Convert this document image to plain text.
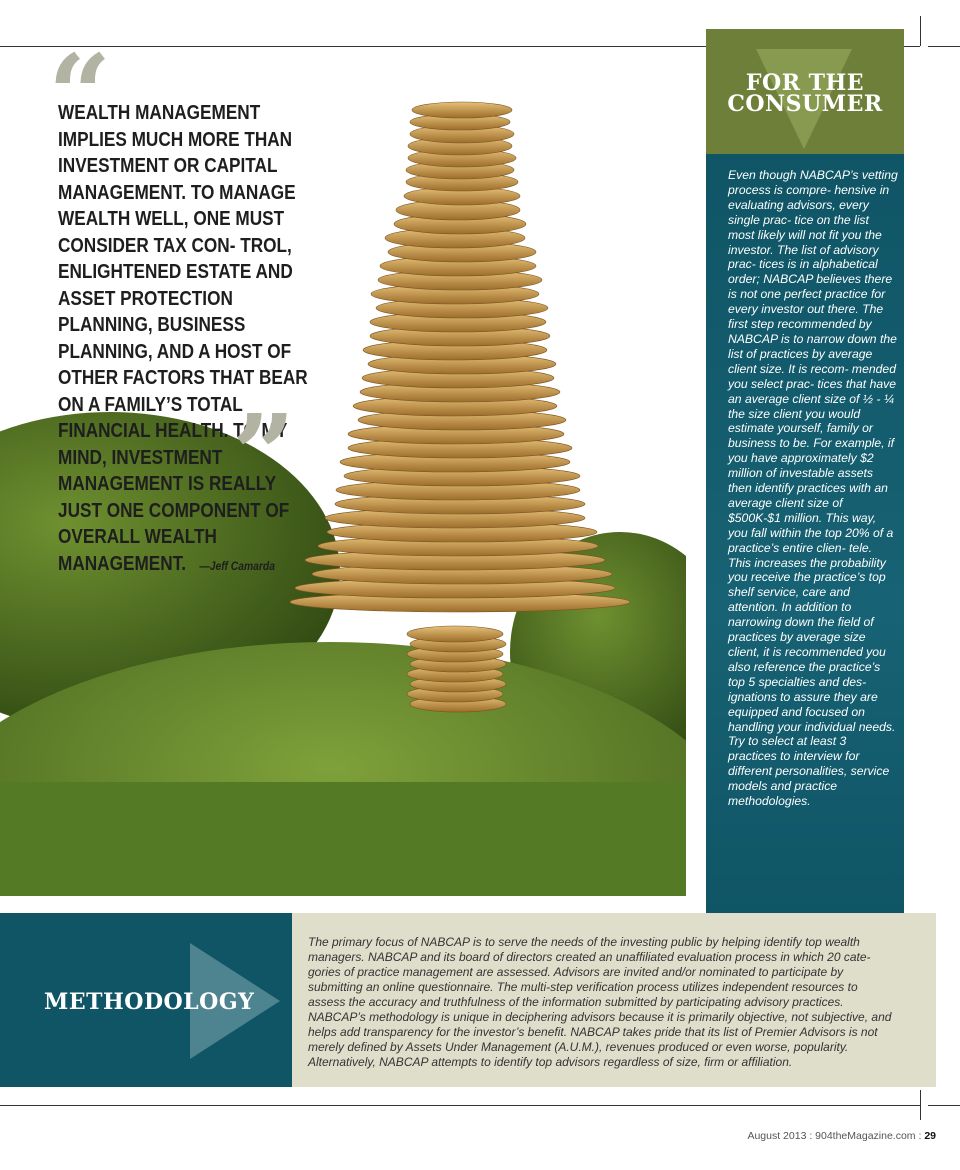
“
WEALTH MANAGEMENT IMPLIES MUCH MORE THAN INVESTMENT OR CAPITAL MANAGEMENT. TO MANAGE WEALTH WELL, ONE MUST CONSIDER TAX CON- TROL, ENLIGHTENED ESTATE AND ASSET PROTECTION PLANNING, BUSINESS PLANNING, AND A HOST OF OTHER FACTORS THAT BEAR ON A FAMILY’S TOTAL FINANCIAL HEALTH. TO MY MIND, INVESTMENT MANAGEMENT IS REALLY JUST ONE COMPONENT OF OVERALL WEALTH MANAGEMENT. —Jeff Camarda
”
FOR THE
CONSUMER
Even though NABCAP’s vetting process is compre- hensive in evaluating advisors, every single prac- tice on the list most likely will not fit you the investor. The list of advisory prac- tices is in alphabetical order; NABCAP believes there is not one perfect practice for every investor out there. The first step recommended by NABCAP is to narrow down the list of practices by average client size. It is recom- mended you select prac- tices that have an average client size of ½ - ¼ the size client you would estimate yourself, family or business to be. For example, if you have approximately $2 million of investable assets then identify practices with an average client size of $500K-$1 million. This way, you fall within the top 20% of a practice’s entire clien- tele. This increases the probability you receive the practice’s top shelf service, care and attention. In addition to narrowing down the field of practices by average size client, it is recommended you also reference the practice’s top 5 specialties and des- ignations to assure they are equipped and focused on handling your individual needs. Try to select at least 3 practices to interview for different personalities, service models and practice methodologies.
METHODOLOGY
The primary focus of NABCAP is to serve the needs of the investing public by helping identify top wealth managers. NABCAP and its board of directors created an unaffiliated evaluation process in which 20 cate- gories of practice management are assessed. Advisors are invited and/or nominated to participate by submitting an online questionnaire. The multi-step verification process utilizes independent resources to assess the accuracy and truthfulness of the information submitted by participating advisory practices. NABCAP’s methodology is unique in deciphering advisors because it is primarily objective, not subjective, and helps add transparency for the investor’s benefit. NABCAP takes pride that its list of Premier Advisors is not merely defined by Assets Under Management (A.U.M.), revenues produced or even worse, popularity. Alternatively, NABCAP attempts to identify top advisors regardless of size, firm or affiliation.
August 2013 : 904theMagazine.com : 29
